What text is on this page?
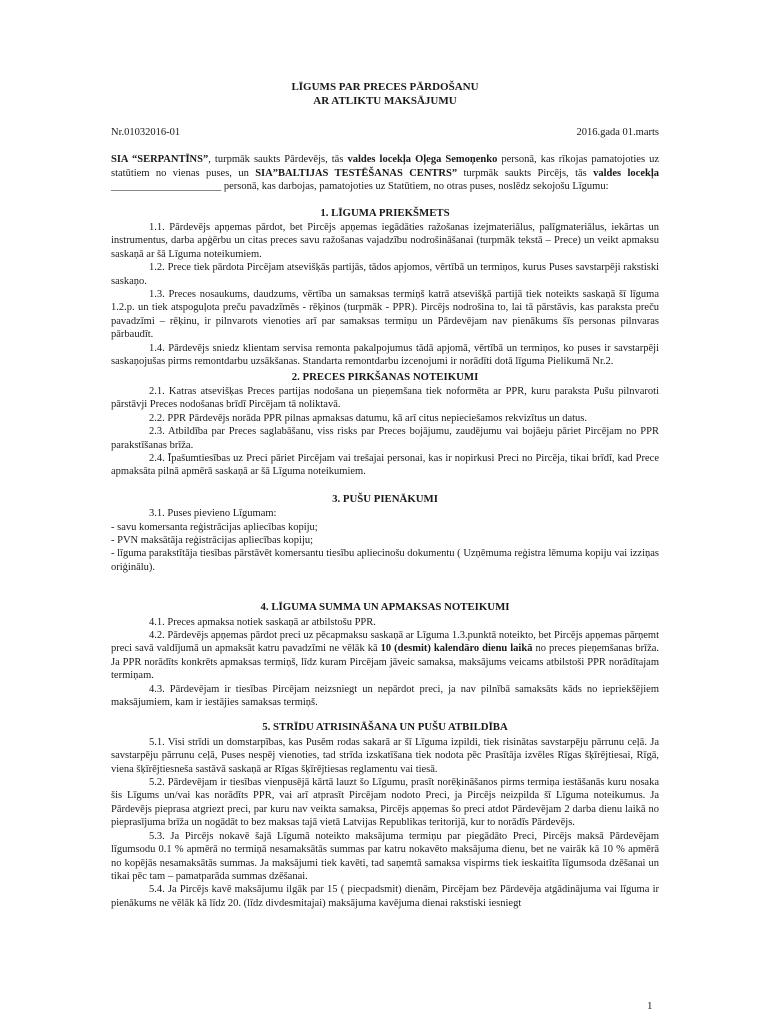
LĪGUMS PAR PRECES PĀRDOŠANU
AR ATLIKTU MAKSĀJUMU
Nr.01032016-01	2016.gada 01.marts

SIA “SERPANTĪNS”, turpmāk saukts Pārdevējs, tās valdes locekļa Oļega Semoņenko personā, kas rīkojas pamatojoties uz statūtiem no vienas puses, un SIA”BALTIJAS TESTĒŠANAS CENTRS” turpmāk saukts Pircējs, tās valdes locekļa _____________________ personā, kas darbojas, pamatojoties uz Statūtiem, no otras puses, noslēdz sekojošu Līgumu:

1. LĪGUMA PRIEKŠMETS

1.1. Pārdevējs apņemas pārdot, bet Pircējs apņemas iegādāties ražošanas izejmateriālus, palīgmateriālus, iekārtas un instrumentus, darba apģērbu un citas preces savu ražošanas vajadzību nodrošināšanai (turpmāk tekstā – Prece) un veikt apmaksu saskaņā ar šā Līguma noteikumiem.

1.2. Prece tiek pārdota Pircējam atsevišķās partijās, tādos apjomos, vērtībā un termiņos, kurus Puses savstarpēji rakstiski saskaņo.

1.3. Preces nosaukums, daudzums, vērtība un samaksas termiņš katrā atsevišķā partijā tiek noteikts saskaņā šī līguma 1.2.p. un tiek atspoguļota preču pavadzīmēs - rēķinos (turpmāk - PPR). Pircējs nodrošina to, lai tā pārstāvis, kas paraksta preču pavadzīmi – rēķinu, ir pilnvarots vienoties arī par samaksas termiņu un Pārdevējam nav pienākums šīs personas pilnvaras pārbaudīt.

1.4. Pārdevējs sniedz klientam servisa remonta pakalpojumus tādā apjomā, vērtībā un termiņos, ko puses ir savstarpēji saskaņojušas pirms remontdarbu uzsākšanas. Standarta remontdarbu izcenojumi ir norādīti dotā līguma Pielikumā Nr.2.

2. PRECES PIRKŠANAS NOTEIKUMI

2.1. Katras atsevišķas Preces partijas nodošana un pieņemšana tiek noformēta ar PPR, kuru paraksta Pušu pilnvaroti pārstāvji Preces nodošanas brīdī Pircējam tā noliktavā.

2.2. PPR Pārdevējs norāda PPR pilnas apmaksas datumu, kā arī citus nepieciešamos rekvizītus un datus.

2.3. Atbildība par Preces saglabāšanu, viss risks par Preces bojājumu, zaudējumu vai bojāeju pāriet Pircējam no PPR parakstīšanas brīža.

2.4. Īpašumtiesības uz Preci pāriet Pircējam vai trešajai personai, kas ir nopirkusi Preci no Pircēja, tikai brīdī, kad Prece apmaksāta pilnā apmērā saskaņā ar šā Līguma noteikumiem.

3. PUŠU PIENĀKUMI

3.1. Puses pievieno Līgumam:

- savu komersanta reģistrācijas apliecības kopiju;

- PVN maksātāja reģistrācijas apliecības kopiju;

- līguma parakstītāja tiesības pārstāvēt komersantu tiesību apliecinošu dokumentu ( Uzņēmuma reģistra lēmuma kopiju vai izziņas oriģinālu).

4. LĪGUMA SUMMA UN APMAKSAS NOTEIKUMI

4.1. Preces apmaksa notiek saskaņā ar atbilstošu PPR.

4.2. Pārdevējs apņemas pārdot preci uz pēcapmaksu saskaņā ar Līguma 1.3.punktā noteikto, bet Pircējs apņemas pārņemt preci savā valdījumā un apmaksāt katru pavadzīmi ne vēlāk kā 10 (desmit) kalendāro dienu laikā no preces pieņemšanas brīža. Ja PPR norādīts konkrēts apmaksas termiņš, līdz kuram Pircējam jāveic samaksa, maksājums veicams atbilstoši PPR norādītajam termiņam.

4.3. Pārdevējam ir tiesības Pircējam neizsniegt un nepārdot preci, ja nav pilnībā samaksāts kāds no iepriekšējiem maksājumiem, kam ir iestājies samaksas termiņš.

5. STRĪDU ATRISINĀŠANA UN PUŠU ATBILDĪBA

5.1. Visi strīdi un domstarpības, kas Pusēm rodas sakarā ar šī Līguma izpildi, tiek risinātas savstarpēju pārrunu ceļā. Ja savstarpēju pārrunu ceļā, Puses nespēj vienoties, tad strīda izskatīšana tiek nodota pēc Prasītāja izvēles Rīgas šķīrējtiesai, Rīgā, viena šķīrējtiesneša sastāvā saskaņā ar Rīgas šķīrējtiesas reglamentu vai tiesā.

5.2. Pārdevējam ir tiesības vienpusējā kārtā lauzt šo Līgumu, prasīt norēķināšanos pirms termiņa iestāšanās kuru nosaka šis Līgums un/vai kas norādīts PPR, vai arī atprasīt Pircējam nodoto Preci, ja Pircējs neizpilda šī Līguma noteikumus. Ja Pārdevējs pieprasa atgriezt preci, par kuru nav veikta samaksa, Pircējs apņemas šo preci atdot Pārdevējam 2 darba dienu laikā no pieprasījuma brīža un nogādāt to bez maksas tajā vietā Latvijas Republikas teritorijā, kur to norādīs Pārdevējs.

5.3. Ja Pircējs nokavē šajā Līgumā noteikto maksājuma termiņu par piegādāto Preci, Pircējs maksā Pārdevējam līgumsodu 0.1 % apmērā no termiņā nesamaksātās summas par katru nokavēto maksājuma dienu, bet ne vairāk kā 10 % apmērā no kopējās nesamaksātās summas. Ja maksājumi tiek kavēti, tad saņemtā samaksa vispirms tiek ieskaitīta līgumsoda dzēšanai un tikai pēc tam – pamatparāda summas dzēšanai.

5.4. Ja Pircējs kavē maksājumu ilgāk par 15 ( piecpadsmit) dienām, Pircējam bez Pārdevēja atgādinājuma vai līguma ir pienākums ne vēlāk kā līdz 20. (līdz divdesmitajai) maksājuma kavējuma dienai rakstiski iesniegt

1
